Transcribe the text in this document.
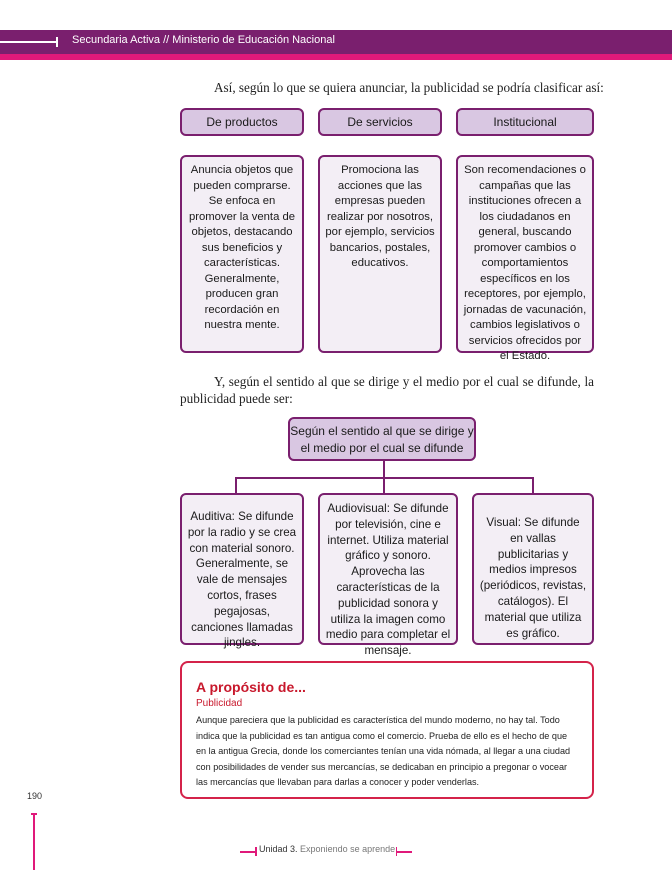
Secundaria Activa // Ministerio de Educación Nacional
Así, según lo que se quiera anunciar, la publicidad se podría clasificar así:
De productos	De servicios	Institucional
Anuncia objetos que pueden comprarse. Se enfoca en promover la venta de objetos, destacando sus beneficios y características. Generalmente, producen gran recordación en nuestra mente.
Promociona las acciones que las empresas pueden realizar por nosotros, por ejemplo, servicios bancarios, postales, educativos.
Son recomendaciones o campañas que las instituciones ofrecen a los ciudadanos en general, buscando promover cambios o comportamientos específicos en los receptores, por ejemplo, jornadas de vacunación, cambios legislativos o servicios ofrecidos por el Estado.
Y, según el sentido al que se dirige y el medio por el cual se difunde, la publicidad puede ser:
Según el sentido al que se dirige y el medio por el cual se difunde
Auditiva: Se difunde por la radio y se crea con material sonoro. Generalmente, se vale de mensajes cortos, frases pegajosas, canciones llamadas jingles.
Audiovisual: Se difunde por televisión, cine e internet. Utiliza material gráfico y sonoro. Aprovecha las características de la publicidad sonora y utiliza la imagen como medio para completar el mensaje.
Visual: Se difunde en vallas publicitarias y medios impresos (periódicos, revistas, catálogos). El material que utiliza es gráfico.
A propósito de...
Publicidad
Aunque pareciera que la publicidad es característica del mundo moderno, no hay tal. Todo indica que la publicidad es tan antigua como el comercio. Prueba de ello es el hecho de que en la antigua Grecia, donde los comerciantes tenían una vida nómada, al llegar a una ciudad con posibilidades de vender sus mercancías, se dedicaban en principio a pregonar o vocear las mercancías que llevaban para darlas a conocer y poder venderlas.
190
Unidad 3. Exponiendo se aprende
